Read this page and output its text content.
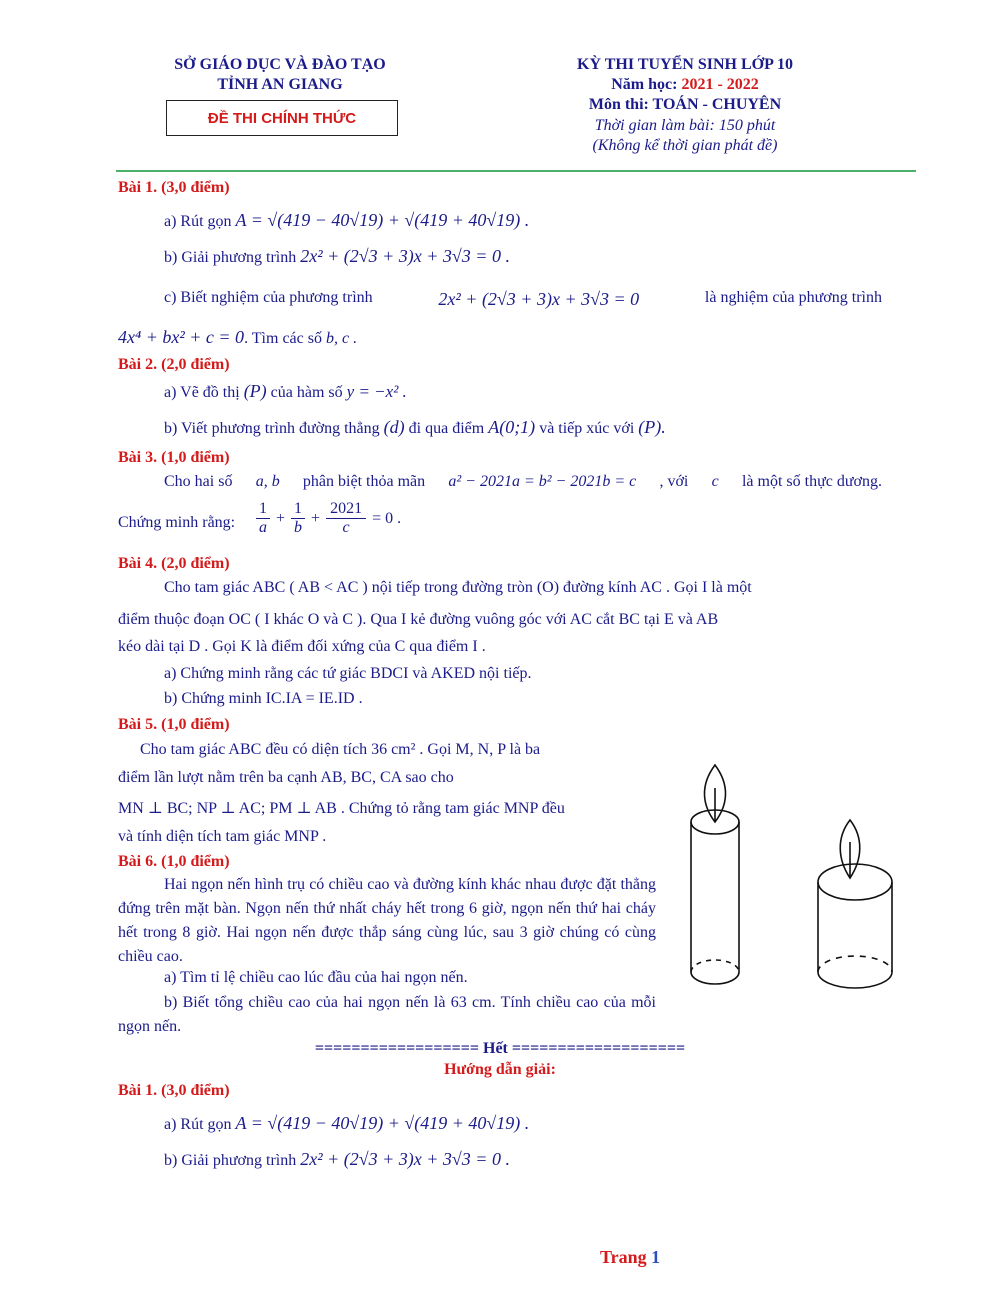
SỞ GIÁO DỤC VÀ ĐÀO TẠO
TỈNH AN GIANG
ĐỀ THI CHÍNH THỨC
KỲ THI TUYỂN SINH LỚP 10
Năm học: 2021 - 2022
Môn thi: TOÁN - CHUYÊN
Thời gian làm bài: 150 phút
(Không kể thời gian phát đề)
Bài 1. (3,0 điểm)
a) Rút gọn A = √(419 − 40√19) + √(419 + 40√19) .
b) Giải phương trình 2x² + (2√3 + 3)x + 3√3 = 0 .
c) Biết nghiệm của phương trình	2x² + (2√3 + 3)x + 3√3 = 0	là nghiệm của phương trình
4x⁴ + bx² + c = 0. Tìm các số b, c .
Bài 2. (2,0 điểm)
a) Vẽ đồ thị (P) của hàm số y = −x² .
b) Viết phương trình đường thẳng (d) đi qua điểm A(0;1) và tiếp xúc với (P).
Bài 3. (1,0 điểm)
Cho hai số a, b phân biệt thỏa mãn a² − 2021a = b² − 2021b = c , với c là một số thực dương.
Chứng minh rằng:
1
a
+
1
b
+
2021
c
= 0 .
Bài 4. (2,0 điểm)
Cho tam giác ABC ( AB < AC ) nội tiếp trong đường tròn (O) đường kính AC . Gọi I là một
điểm thuộc đoạn OC ( I khác O và C ). Qua I kẻ đường vuông góc với AC cắt BC tại E và AB
kéo dài tại D . Gọi K là điểm đối xứng của C qua điểm I .
a) Chứng minh rằng các tứ giác BDCI và AKED nội tiếp.
b) Chứng minh IC.IA = IE.ID .
Bài 5. (1,0 điểm)
Cho tam giác ABC đều có diện tích 36 cm² . Gọi M, N, P là ba
điểm lần lượt nằm trên ba cạnh AB, BC, CA sao cho
MN ⊥ BC; NP ⊥ AC; PM ⊥ AB . Chứng tỏ rằng tam giác MNP đều
và tính diện tích tam giác MNP .
Bài 6. (1,0 điểm)
Hai ngọn nến hình trụ có chiều cao và đường kính khác nhau được đặt thẳng đứng trên mặt bàn. Ngọn nến thứ nhất cháy hết trong 6 giờ, ngọn nến thứ hai cháy hết trong 8 giờ. Hai ngọn nến được thắp sáng cùng lúc, sau 3 giờ chúng có cùng chiều cao.
a) Tìm tỉ lệ chiều cao lúc đầu của hai ngọn nến.
b) Biết tổng chiều cao của hai ngọn nến là 63 cm. Tính chiều cao của mỗi ngọn nến.
================== Hết ===================
Hướng dẫn giải:
Bài 1. (3,0 điểm)
a) Rút gọn A = √(419 − 40√19) + √(419 + 40√19) .
b) Giải phương trình 2x² + (2√3 + 3)x + 3√3 = 0 .
Trang 1
